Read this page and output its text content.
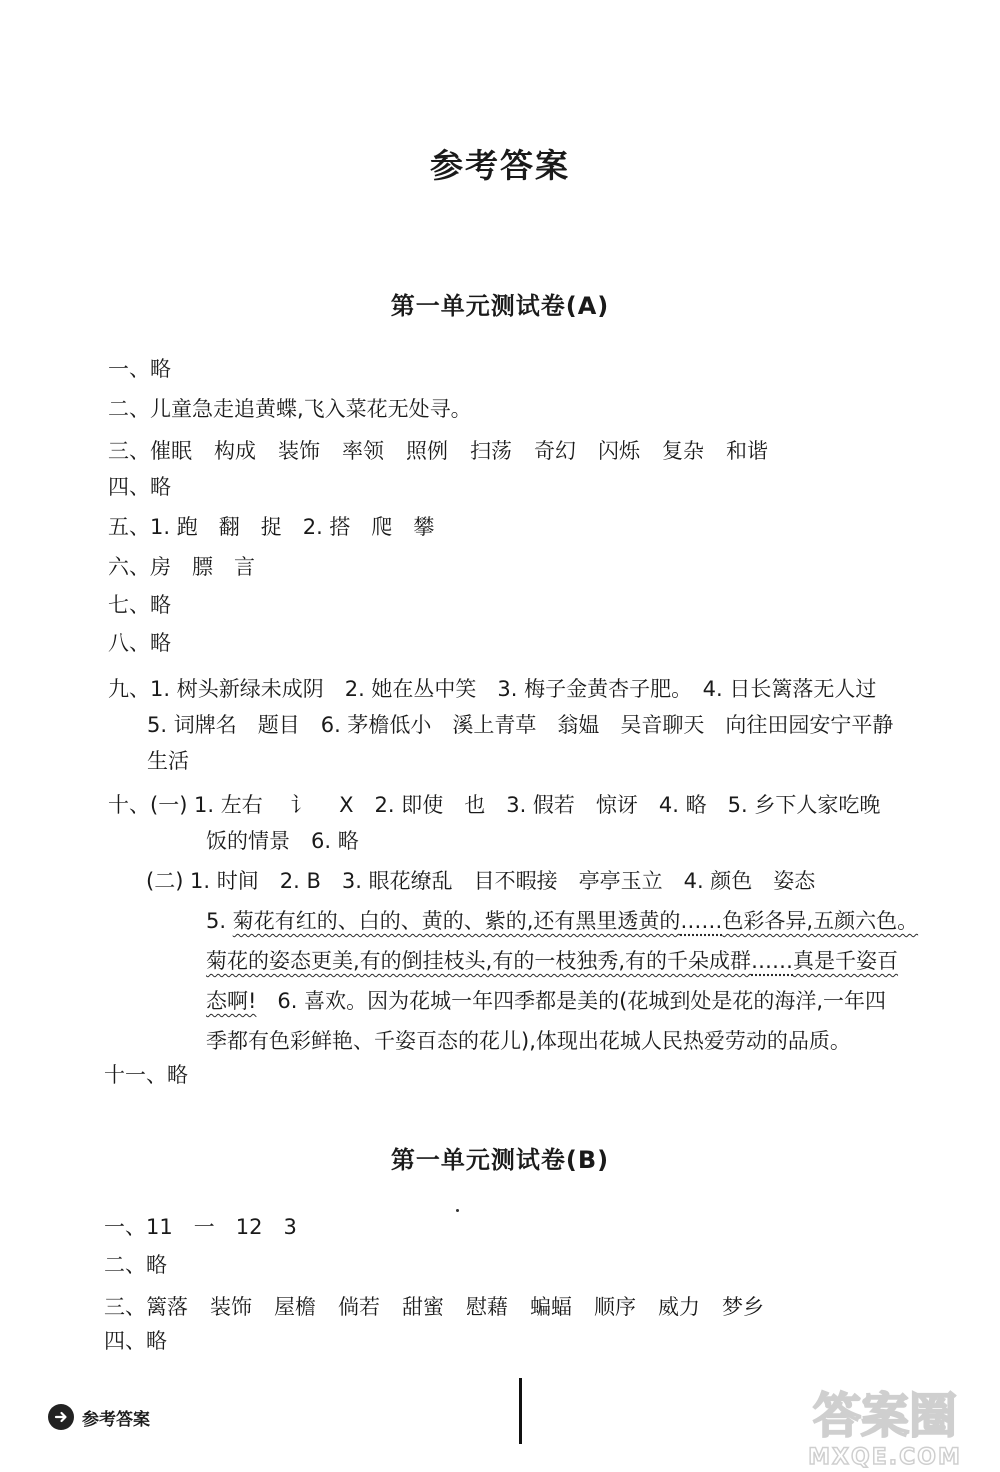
参考答案
第一单元测试卷(A)
一、略
二、儿童急走追黄蝶,飞入菜花无处寻。
三、催眠 构成 装饰 率领 照例 扫荡 奇幻 闪烁 复杂 和谐
四、略
五、1. 跑　翻　捉　2. 搭　爬　攀
六、房　膘　言
七、略
八、略
九、1. 树头新绿未成阴　2. 她在丛中笑　3. 梅子金黄杏子肥。　4. 日长篱落无人过
5. 词牌名　题目　6. 茅檐低小　溪上青草　翁媪　吴音聊天　向往田园安宁平静
生活
十、(一) 1. 左右　 讠　 X　2. 即使　也　3. 假若　惊讶　4. 略　5. 乡下人家吃晚
饭的情景　6. 略
(二) 1. 时间　2. B　3. 眼花缭乱　目不暇接　亭亭玉立　4. 颜色　姿态
5. 菊花有红的、白的、黄的、紫的,还有黑里透黄的……色彩各异,五颜六色。
菊花的姿态更美,有的倒挂枝头,有的一枝独秀,有的千朵成群……真是千姿百
态啊!　6. 喜欢。因为花城一年四季都是美的(花城到处是花的海洋,一年四
季都有色彩鲜艳、千姿百态的花儿),体现出花城人民热爱劳动的品质。
十一、略
第一单元测试卷(B)
一、11　一　12　3
二、略
三、篱落 装饰 屋檐 倘若 甜蜜 慰藉 蝙蝠 顺序 威力 梦乡
四、略
参考答案	答案圈
MXQE.COM
